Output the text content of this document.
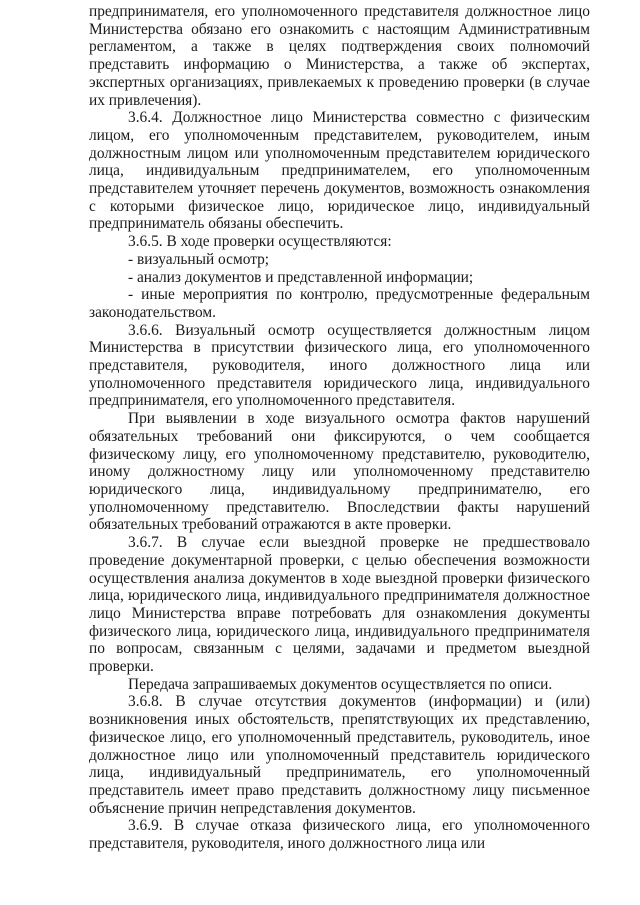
предпринимателя, его уполномоченного представителя должностное лицо Министерства обязано его ознакомить с настоящим Административным регламентом, а также в целях подтверждения своих полномочий представить информацию о Министерства, а также об экспертах, экспертных организациях, привлекаемых к проведению проверки (в случае их привлечения).

3.6.4. Должностное лицо Министерства совместно с физическим лицом, его уполномоченным представителем, руководителем, иным должностным лицом или уполномоченным представителем юридического лица, индивидуальным предпринимателем, его уполномоченным представителем уточняет перечень документов, возможность ознакомления с которыми физическое лицо, юридическое лицо, индивидуальный предприниматель обязаны обеспечить.

3.6.5. В ходе проверки осуществляются:

- визуальный осмотр;

- анализ документов и представленной информации;

- иные мероприятия по контролю, предусмотренные федеральным законодательством.

3.6.6. Визуальный осмотр осуществляется должностным лицом Министерства в присутствии физического лица, его уполномоченного представителя, руководителя, иного должностного лица или уполномоченного представителя юридического лица, индивидуального предпринимателя, его уполномоченного представителя.

При выявлении в ходе визуального осмотра фактов нарушений обязательных требований они фиксируются, о чем сообщается физическому лицу, его уполномоченному представителю, руководителю, иному должностному лицу или уполномоченному представителю юридического лица, индивидуальному предпринимателю, его уполномоченному представителю. Впоследствии факты нарушений обязательных требований отражаются в акте проверки.

3.6.7. В случае если выездной проверке не предшествовало проведение документарной проверки, с целью обеспечения возможности осуществления анализа документов в ходе выездной проверки физического лица, юридического лица, индивидуального предпринимателя должностное лицо Министерства вправе потребовать для ознакомления документы физического лица, юридического лица, индивидуального предпринимателя по вопросам, связанным с целями, задачами и предметом выездной проверки.

Передача запрашиваемых документов осуществляется по описи.

3.6.8. В случае отсутствия документов (информации) и (или) возникновения иных обстоятельств, препятствующих их представлению, физическое лицо, его уполномоченный представитель, руководитель, иное должностное лицо или уполномоченный представитель юридического лица, индивидуальный предприниматель, его уполномоченный представитель имеет право представить должностному лицу письменное объяснение причин непредставления документов.

3.6.9. В случае отказа физического лица, его уполномоченного представителя, руководителя, иного должностного лица или
